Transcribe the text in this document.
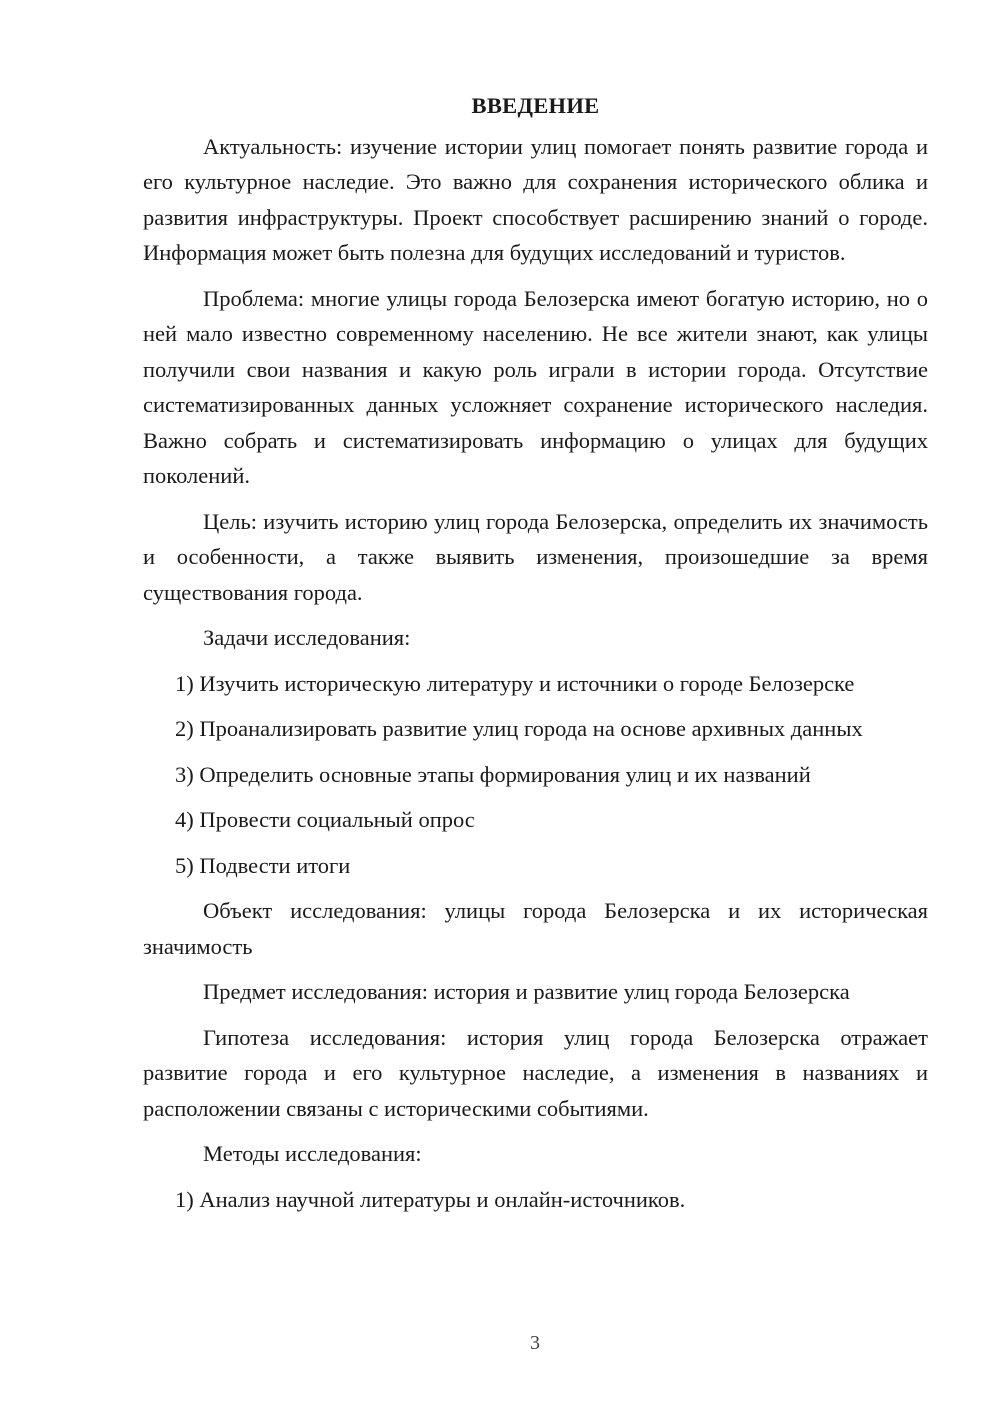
ВВЕДЕНИЕ

Актуальность: изучение истории улиц помогает понять развитие города и его культурное наследие. Это важно для сохранения исторического облика и развития инфраструктуры. Проект способствует расширению знаний о городе. Информация может быть полезна для будущих исследований и туристов.

Проблема: многие улицы города Белозерска имеют богатую историю, но о ней мало известно современному населению. Не все жители знают, как улицы получили свои названия и какую роль играли в истории города. Отсутствие систематизированных данных усложняет сохранение исторического наследия. Важно собрать и систематизировать информацию о улицах для будущих поколений.

Цель: изучить историю улиц города Белозерска, определить их значимость и особенности, а также выявить изменения, произошедшие за время существования города.

Задачи исследования:

1) Изучить историческую литературу и источники о городе Белозерске

2) Проанализировать развитие улиц города на основе архивных данных

3) Определить основные этапы формирования улиц и их названий

4) Провести социальный опрос

5) Подвести итоги

Объект исследования: улицы города Белозерска и их историческая значимость

Предмет исследования: история и развитие улиц города Белозерска

Гипотеза исследования: история улиц города Белозерска отражает развитие города и его культурное наследие, а изменения в названиях и расположении связаны с историческими событиями.

Методы исследования:

1) Анализ научной литературы и онлайн-источников.

3
